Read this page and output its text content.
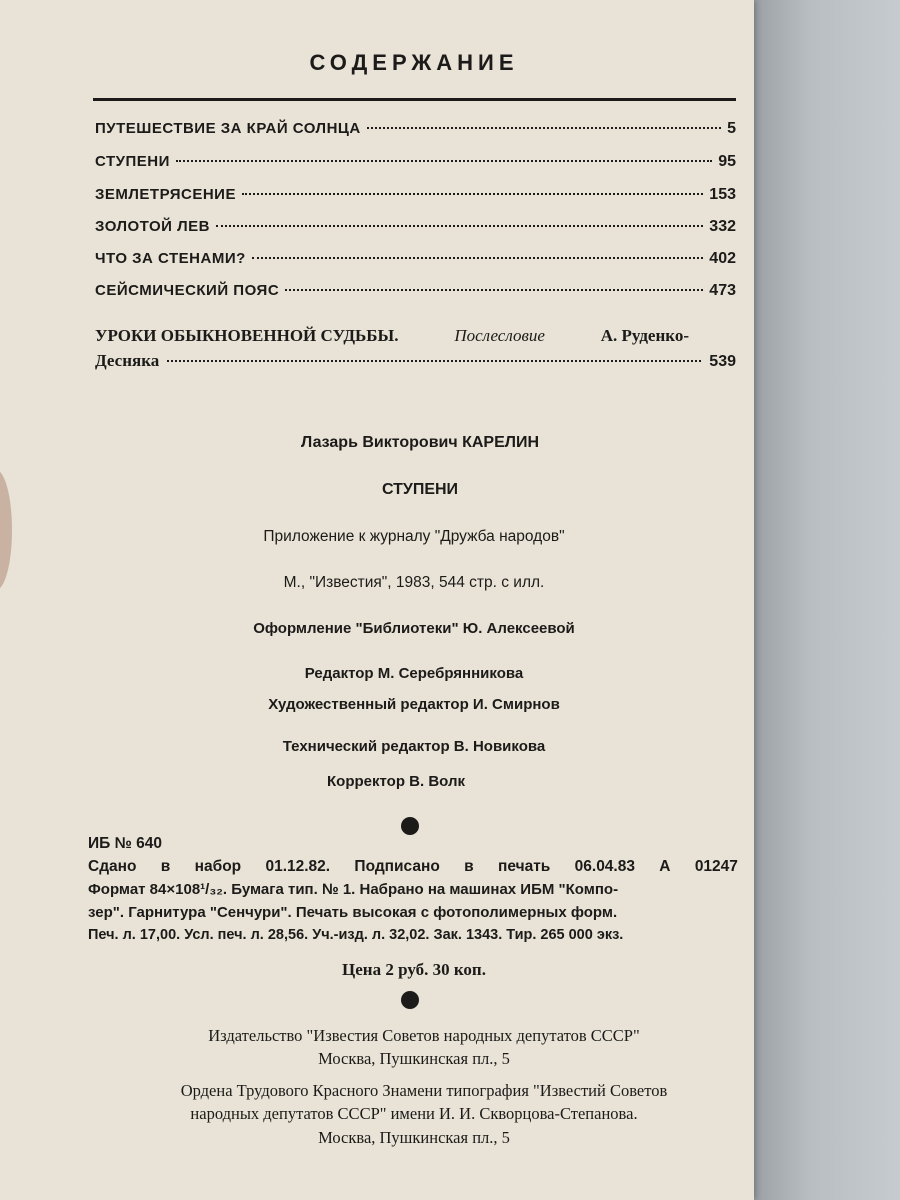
СОДЕРЖАНИЕ
ПУТЕШЕСТВИЕ ЗА КРАЙ СОЛНЦА	5
СТУПЕНИ	95
ЗЕМЛЕТРЯСЕНИЕ	153
ЗОЛОТОЙ ЛЕВ	332
ЧТО ЗА СТЕНАМИ?	402
СЕЙСМИЧЕСКИЙ ПОЯС	473
УРОКИ ОБЫКНОВЕННОЙ СУДЬБЫ.	Послесловие	А. Руденко-
Десняка	539
Лазарь Викторович КАРЕЛИН
СТУПЕНИ
Приложение к журналу "Дружба народов"
М., "Известия", 1983, 544 стр. с илл.
Оформление "Библиотеки" Ю. Алексеевой
Редактор М. Серебрянникова
Художественный редактор И. Смирнов
Технический редактор В. Новикова
Корректор В. Волк
ИБ № 640
Сдано в набор 01.12.82. Подписано в печать 06.04.83 А 01247
Формат 84×108¹/₃₂. Бумага тип. № 1. Набрано на машинах ИБМ "Компо-
зер". Гарнитура "Сенчури". Печать высокая с фотополимерных форм.
Печ. л. 17,00. Усл. печ. л. 28,56. Уч.-изд. л. 32,02. Зак. 1343. Тир. 265 000 экз.
Цена 2 руб. 30 коп.
Издательство "Известия Советов народных депутатов СССР"
Москва, Пушкинская пл., 5
Ордена Трудового Красного Знамени типография "Известий Советов
народных депутатов СССР" имени И. И. Скворцова-Степанова.
Москва, Пушкинская пл., 5
